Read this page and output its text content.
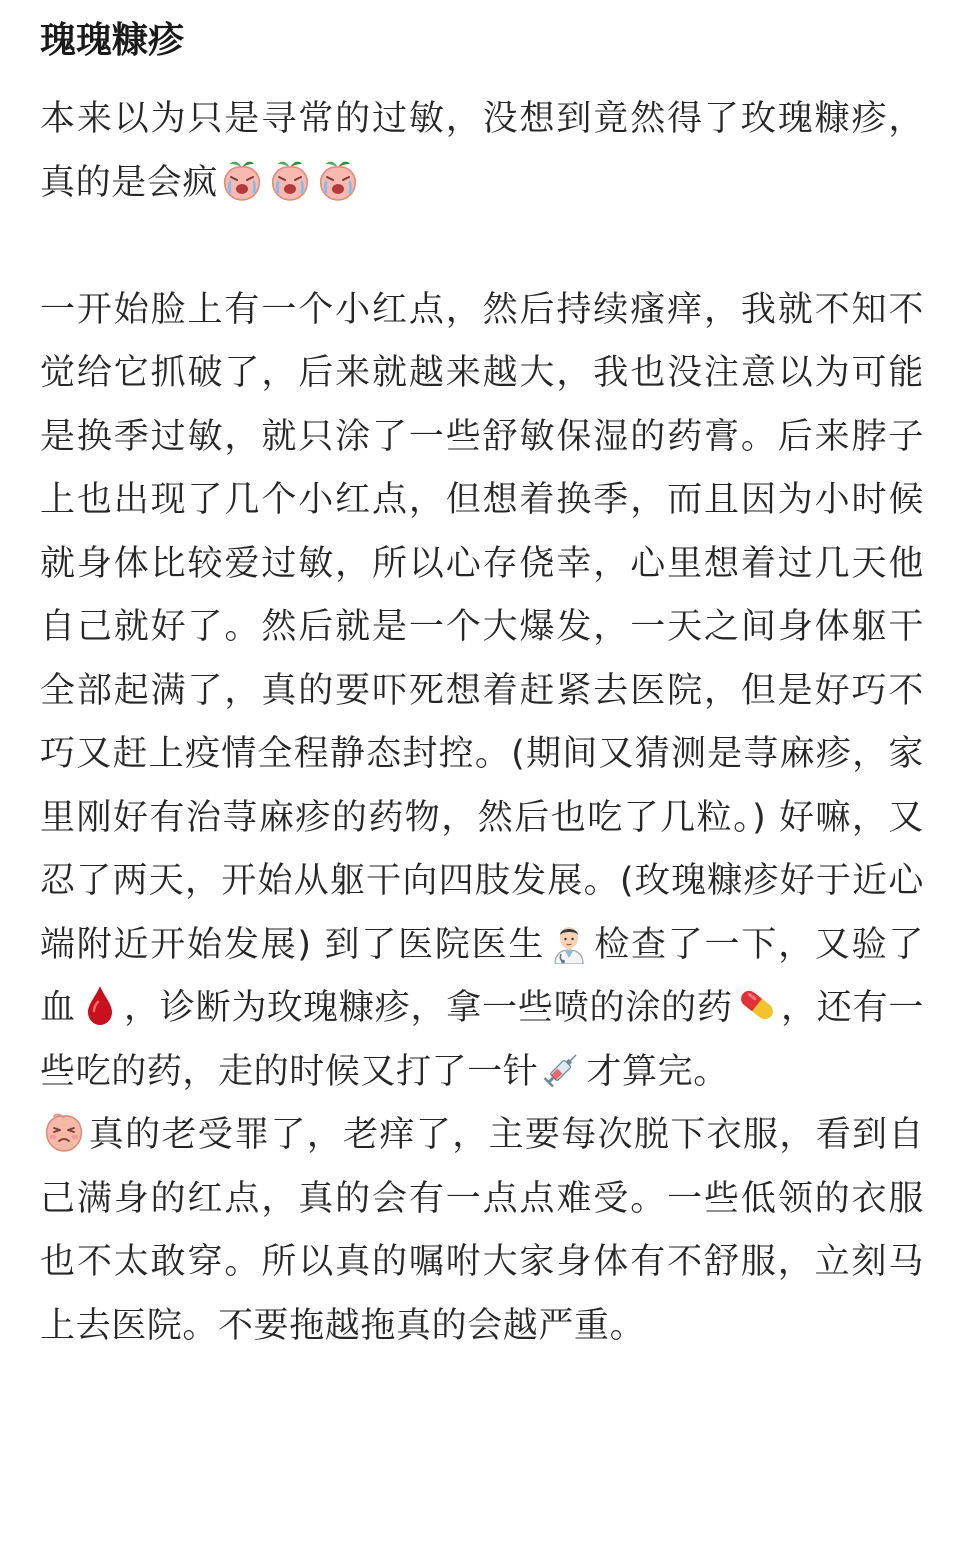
瑰瑰糠疹

本来以为只是寻常的过敏，没想到竟然得了玫瑰糠疹，真的是会疯

一开始脸上有一个小红点，然后持续瘙痒，我就不知不觉给它抓破了，后来就越来越大，我也没注意以为可能是换季过敏，就只涂了一些舒敏保湿的药膏。后来脖子上也出现了几个小红点，但想着换季，而且因为小时候就身体比较爱过敏，所以心存侥幸，心里想着过几天他自己就好了。然后就是一个大爆发，一天之间身体躯干全部起满了，真的要吓死想着赶紧去医院，但是好巧不巧又赶上疫情全程静态封控。(期间又猜测是荨麻疹，家里刚好有治荨麻疹的药物，然后也吃了几粒。) 好嘛，又忍了两天，开始从躯干向四肢发展。(玫瑰糠疹好于近心端附近开始发展) 到了医院医生 检查了一下，又验了血 ，诊断为玫瑰糠疹，拿一些喷的涂的药 ，还有一些吃的药，走的时候又打了一针 才算完。

真的老受罪了，老痒了，主要每次脱下衣服，看到自己满身的红点，真的会有一点点难受。一些低领的衣服也不太敢穿。所以真的嘱咐大家身体有不舒服，立刻马上去医院。不要拖越拖真的会越严重。
